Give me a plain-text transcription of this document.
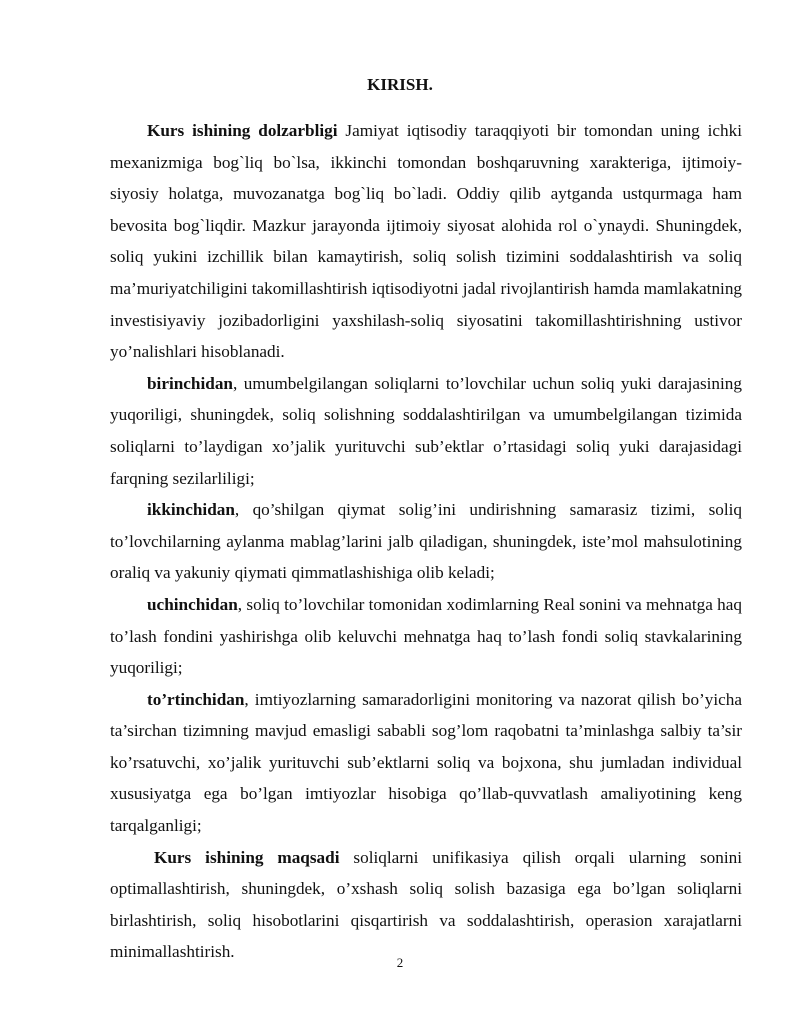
KIRISH.

Kurs ishining dolzarbligi Jamiyat iqtisodiy taraqqiyoti bir tomondan uning ichki mexanizmiga bog`liq bo`lsa, ikkinchi tomondan boshqaruvning xarakteriga, ijtimoiy-siyosiy holatga, muvozanatga bog`liq bo`ladi. Oddiy qilib aytganda ustqurmaga ham bevosita bog`liqdir. Mazkur jarayonda ijtimoiy siyosat alohida rol o`ynaydi. Shuningdek, soliq yukini izchillik bilan kamaytirish, soliq solish tizimini soddalashtirish va soliq ma’muriyatchiligini takomillashtirish iqtisodiyotni jadal rivojlantirish hamda mamlakatning investisiyaviy jozibadorligini yaxshilash-soliq siyosatini takomillashtirishning ustivor yo’nalishlari hisoblanadi.

birinchidan, umumbelgilangan soliqlarni to’lovchilar uchun soliq yuki darajasining yuqoriligi, shuningdek, soliq solishning soddalashtirilgan va umumbelgilangan tizimida soliqlarni to’laydigan xo’jalik yurituvchi sub’ektlar o’rtasidagi soliq yuki darajasidagi farqning sezilarliligi;

ikkinchidan, qo’shilgan qiymat solig’ini undirishning samarasiz tizimi, soliq to’lovchilarning aylanma mablag’larini jalb qiladigan, shuningdek, iste’mol mahsulotining oraliq va yakuniy qiymati qimmatlashishiga olib keladi;

uchinchidan, soliq to’lovchilar tomonidan xodimlarning Real sonini va mehnatga haq to’lash fondini yashirishga olib keluvchi mehnatga haq to’lash fondi soliq stavkalarining yuqoriligi;

to’rtinchidan, imtiyozlarning samaradorligini monitoring va nazorat qilish bo’yicha ta’sirchan tizimning mavjud emasligi sababli sog’lom raqobatni ta’minlashga salbiy ta’sir ko’rsatuvchi, xo’jalik yurituvchi sub’ektlarni soliq va bojxona, shu jumladan individual xususiyatga ega bo’lgan imtiyozlar hisobiga qo’llab-quvvatlash amaliyotining keng tarqalganligi;

Kurs ishining maqsadi soliqlarni unifikasiya qilish orqali ularning sonini optimallashtirish, shuningdek, o’xshash soliq solish bazasiga ega bo’lgan soliqlarni birlashtirish, soliq hisobotlarini qisqartirish va soddalashtirish, operasion xarajatlarni minimallashtirish.

2
